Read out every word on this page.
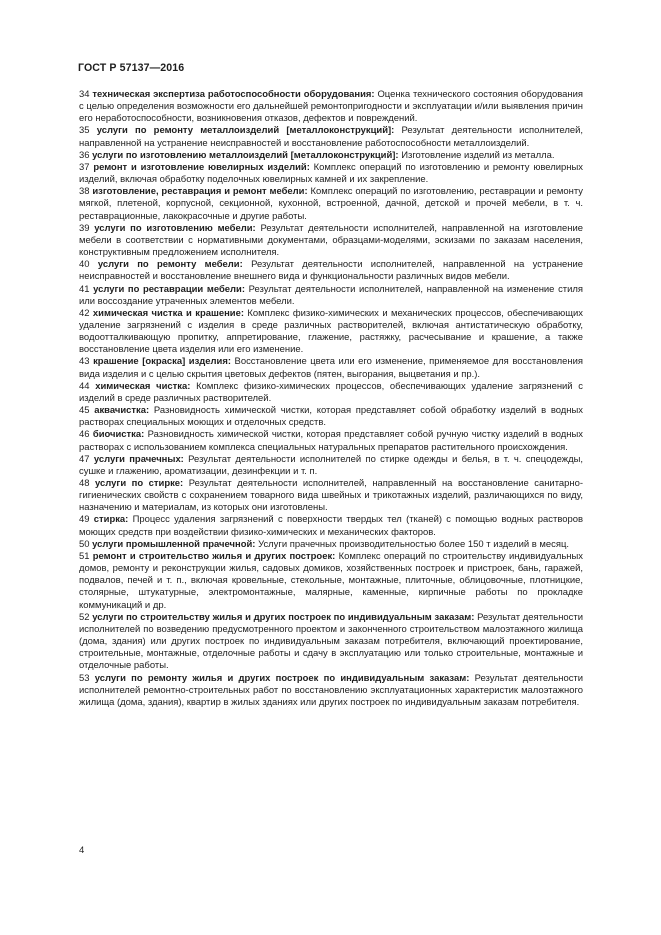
ГОСТ Р 57137—2016

34 техническая экспертиза работоспособности оборудования: Оценка технического состояния оборудования с целью определения возможности его дальнейшей ремонтопригодности и эксплуатации и/или выявления причин его неработоспособности, возникновения отказов, дефектов и повреждений.

35 услуги по ремонту металлоизделий [металлоконструкций]: Результат деятельности исполнителей, направленной на устранение неисправностей и восстановление работоспособности металлоизделий.

36 услуги по изготовлению металлоизделий [металлоконструкций]: Изготовление изделий из металла.

37 ремонт и изготовление ювелирных изделий: Комплекс операций по изготовлению и ремонту ювелирных изделий, включая обработку поделочных ювелирных камней и их закрепление.

38 изготовление, реставрация и ремонт мебели: Комплекс операций по изготовлению, реставрации и ремонту мягкой, плетеной, корпусной, секционной, кухонной, встроенной, дачной, детской и прочей мебели, в т. ч. реставрационные, лакокрасочные и другие работы.

39 услуги по изготовлению мебели: Результат деятельности исполнителей, направленной на изготовление мебели в соответствии с нормативными документами, образцами-моделями, эскизами по заказам населения, конструктивным предложением исполнителя.

40 услуги по ремонту мебели: Результат деятельности исполнителей, направленной на устранение неисправностей и восстановление внешнего вида и функциональности различных видов мебели.

41 услуги по реставрации мебели: Результат деятельности исполнителей, направленной на изменение стиля или воссоздание утраченных элементов мебели.

42 химическая чистка и крашение: Комплекс физико-химических и механических процессов, обеспечивающих удаление загрязнений с изделия в среде различных растворителей, включая антистатическую обработку, водоотталкивающую пропитку, аппретирование, глажение, растяжку, расчесывание и крашение, а также восстановление цвета изделия или его изменение.

43 крашение [окраска] изделия: Восстановление цвета или его изменение, применяемое для восстановления вида изделия и с целью скрытия цветовых дефектов (пятен, выгорания, выцветания и пр.).

44 химическая чистка: Комплекс физико-химических процессов, обеспечивающих удаление загрязнений с изделий в среде различных растворителей.

45 аквачистка: Разновидность химической чистки, которая представляет собой обработку изделий в водных растворах специальных моющих и отделочных средств.

46 биочистка: Разновидность химической чистки, которая представляет собой ручную чистку изделий в водных растворах с использованием комплекса специальных натуральных препаратов растительного происхождения.

47 услуги прачечных: Результат деятельности исполнителей по стирке одежды и белья, в т. ч. спецодежды, сушке и глажению, ароматизации, дезинфекции и т. п.

48 услуги по стирке: Результат деятельности исполнителей, направленный на восстановление санитарно-гигиенических свойств с сохранением товарного вида швейных и трикотажных изделий, различающихся по виду, назначению и материалам, из которых они изготовлены.

49 стирка: Процесс удаления загрязнений с поверхности твердых тел (тканей) с помощью водных растворов моющих средств при воздействии физико-химических и механических факторов.

50 услуги промышленной прачечной: Услуги прачечных производительностью более 150 т изделий в месяц.

51 ремонт и строительство жилья и других построек: Комплекс операций по строительству индивидуальных домов, ремонту и реконструкции жилья, садовых домиков, хозяйственных построек и пристроек, бань, гаражей, подвалов, печей и т. п., включая кровельные, стекольные, монтажные, плиточные, облицовочные, плотницкие, столярные, штукатурные, электромонтажные, малярные, каменные, кирпичные работы по прокладке коммуникаций и др.

52 услуги по строительству жилья и других построек по индивидуальным заказам: Результат деятельности исполнителей по возведению предусмотренного проектом и законченного строительством малоэтажного жилища (дома, здания) или других построек по индивидуальным заказам потребителя, включающий проектирование, строительные, монтажные, отделочные работы и сдачу в эксплуатацию или только строительные, монтажные и отделочные работы.

53 услуги по ремонту жилья и других построек по индивидуальным заказам: Результат деятельности исполнителей ремонтно-строительных работ по восстановлению эксплуатационных характеристик малоэтажного жилища (дома, здания), квартир в жилых зданиях или других построек по индивидуальным заказам потребителя.

4
